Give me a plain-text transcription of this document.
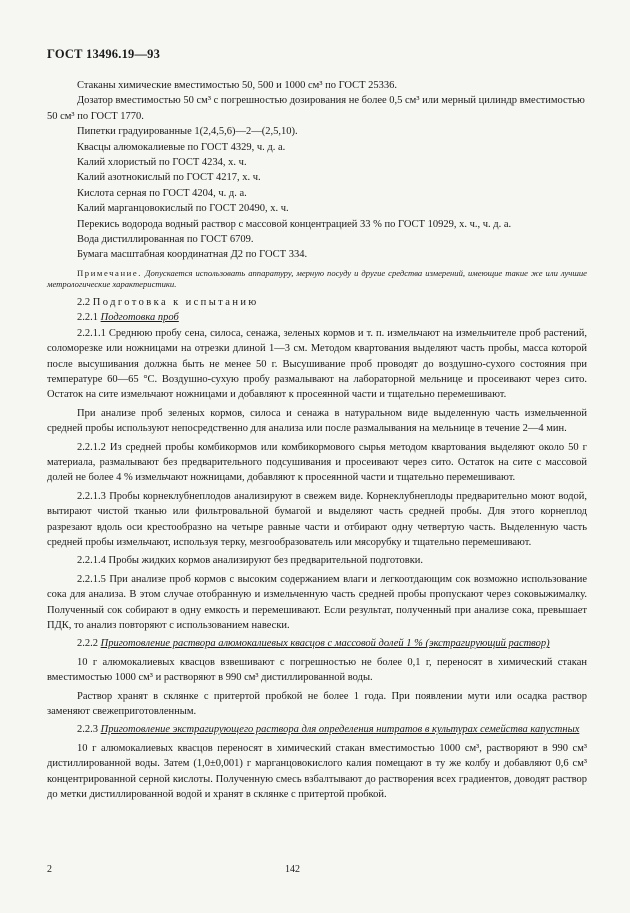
ГОСТ 13496.19—93

Стаканы химические вместимостью 50, 500 и 1000 см³ по ГОСТ 25336.

Дозатор вместимостью 50 см³ с погрешностью дозирования не более 0,5 см³ или мерный цилиндр вместимостью 50 см³ по ГОСТ 1770.

Пипетки градуированные 1(2,4,5,6)—2—(2,5,10).

Квасцы алюмокалиевые по ГОСТ 4329, ч. д. а.

Калий хлористый по ГОСТ 4234, х. ч.

Калий азотнокислый по ГОСТ 4217, х. ч.

Кислота серная по ГОСТ 4204, ч. д. а.

Калий марганцовокислый по ГОСТ 20490, х. ч.

Перекись водорода водный раствор с массовой концентрацией 33 % по ГОСТ 10929, х. ч., ч. д. а.

Вода дистиллированная по ГОСТ 6709.

Бумага масштабная координатная Д2 по ГОСТ 334.

Примечание. Допускается использовать аппаратуру, мерную посуду и другие средства измерений, имеющие такие же или лучшие метрологические характеристики.

2.2 Подготовка к испытанию

2.2.1 Подготовка проб

2.2.1.1 Среднюю пробу сена, силоса, сенажа, зеленых кормов и т. п. измельчают на измельчителе проб растений, соломорезке или ножницами на отрезки длиной 1—3 см. Методом квартования выделяют часть пробы, масса которой после высушивания должна быть не менее 50 г. Высушивание проб проводят до воздушно-сухого состояния при температуре 60—65 °С. Воздушно-сухую пробу размалывают на лабораторной мельнице и просеивают через сито. Остаток на сите измельчают ножницами и добавляют к просеянной части и тщательно перемешивают.

При анализе проб зеленых кормов, силоса и сенажа в натуральном виде выделенную часть измельченной средней пробы используют непосредственно для анализа или после размалывания на мельнице в течение 2—4 мин.

2.2.1.2 Из средней пробы комбикормов или комбикормового сырья методом квартования выделяют около 50 г материала, размалывают без предварительного подсушивания и просеивают через сито. Остаток на сите с массовой долей не более 4 % измельчают ножницами, добавляют к просеянной части и тщательно перемешивают.

2.2.1.3 Пробы корнеклубнеплодов анализируют в свежем виде. Корнеклубнеплоды предварительно моют водой, вытирают чистой тканью или фильтровальной бумагой и выделяют часть средней пробы. Для этого корнеплод разрезают вдоль оси крестообразно на четыре равные части и отбирают одну четвертую часть. Выделенную часть средней пробы измельчают, используя терку, мезгообразователь или мясорубку и тщательно перемешивают.

2.2.1.4 Пробы жидких кормов анализируют без предварительной подготовки.

2.2.1.5 При анализе проб кормов с высоким содержанием влаги и легкоотдающим сок возможно использование сока для анализа. В этом случае отобранную и измельченную часть средней пробы пропускают через соковыжималку. Полученный сок собирают в одну емкость и перемешивают. Если результат, полученный при анализе сока, превышает ПДК, то анализ повторяют с использованием навески.

2.2.2 Приготовление раствора алюмокалиевых квасцов с массовой долей 1 % (экстрагирующий раствор)

10 г алюмокалиевых квасцов взвешивают с погрешностью не более 0,1 г, переносят в химический стакан вместимостью 1000 см³ и растворяют в 990 см³ дистиллированной воды.

Раствор хранят в склянке с притертой пробкой не более 1 года. При появлении мути или осадка раствор заменяют свежеприготовленным.

2.2.3 Приготовление экстрагирующего раствора для определения нитратов в культурах семейства капустных

10 г алюмокалиевых квасцов переносят в химический стакан вместимостью 1000 см³, растворяют в 990 см³ дистиллированной воды. Затем (1,0±0,001) г марганцовокислого калия помещают в ту же колбу и добавляют 0,6 см³ концентрированной серной кислоты. Полученную смесь взбалтывают до растворения всех градиентов, доводят раствор до метки дистиллированной водой и хранят в склянке с притертой пробкой.

2	142
